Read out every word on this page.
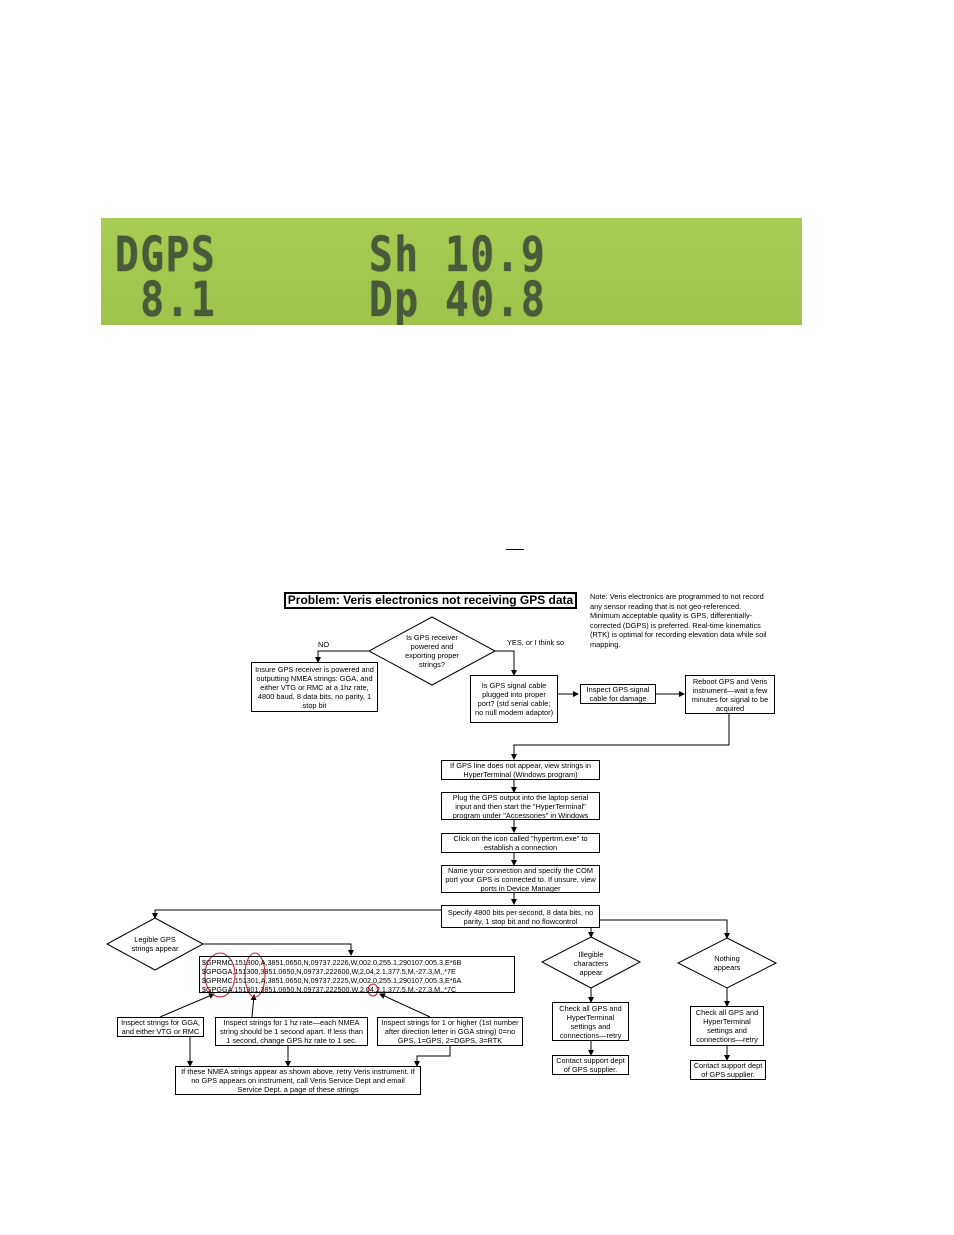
DGPS	Sh 10.9
8.1	Dp 40.8
Problem: Veris electronics not receiving GPS data	Note: Veris electronics are programmed to not record any sensor reading that is not geo-referenced. Minimum acceptable quality is GPS, differentially-corrected (DGPS) is preferred. Real-time kinematics (RTK) is optimal for recording elevation data while soil mapping.
Is GPS receiver powered and exporting proper strings?
NO	YES, or I think so
Insure GPS receiver is powered and outputting NMEA strings: GGA, and either VTG or RMC at a 1hz rate, 4800 baud, 8 data bits, no parity, 1 stop bit
Is GPS signal cable plugged into proper port? (std serial cable; no null modem adaptor)
Inspect GPS signal cable for damage
Reboot GPS and Veris instrument—wait a few minutes for signal to be acquired
If GPS line does not appear, view strings in HyperTerminal (Windows program)
Plug the GPS output into the laptop serial input and then start the "HyperTerminal" program under "Accessories" in Windows
Click on the icon called "hypertrm.exe" to establish a connection
Name your connection and specify the COM port your GPS is connected to. If unsure, view ports in Device Manager
Specify 4800 bits per second, 8 data bits, no parity, 1 stop bit and no flowcontrol
Legible GPS strings appear
Illegible characters appear
Nothing appears
$GPRMC,151300,A,3851.0650,N,09737.2226,W,002.0,255.1,290107,005.3,E*6B
$GPGGA,151300,3851.0650,N,09737.222600,W,2,04,2.1,377.5,M,-27.3,M,,*7E
$GPRMC,151301,A,3851.0650,N,09737.2225,W,002.0,255.1,290107,005.3,E*6A
$GPGGA,151301,3851.0650,N,09737.222500,W,2,04,2.1,377.5,M,-27.3,M,,*7C
Inspect strings for GGA, and either VTG or RMC
Inspect strings for 1 hz rate—each NMEA string should be 1 second apart. If less than 1 second, change GPS hz rate to 1 sec.
Inspect strings for 1 or higher (1st number after direction letter in GGA string) 0=no GPS, 1=GPS, 2=DGPS, 3=RTK
If these NMEA strings appear as shown above, retry Veris instrument. If no GPS appears on instrument, call Veris Service Dept and email Service Dept. a page of these strings
Check all GPS and HyperTerminal settings and connections—retry
Contact support dept of GPS supplier.
Check all GPS and HyperTerminal settings and connections—retry
Contact support dept of GPS supplier.
